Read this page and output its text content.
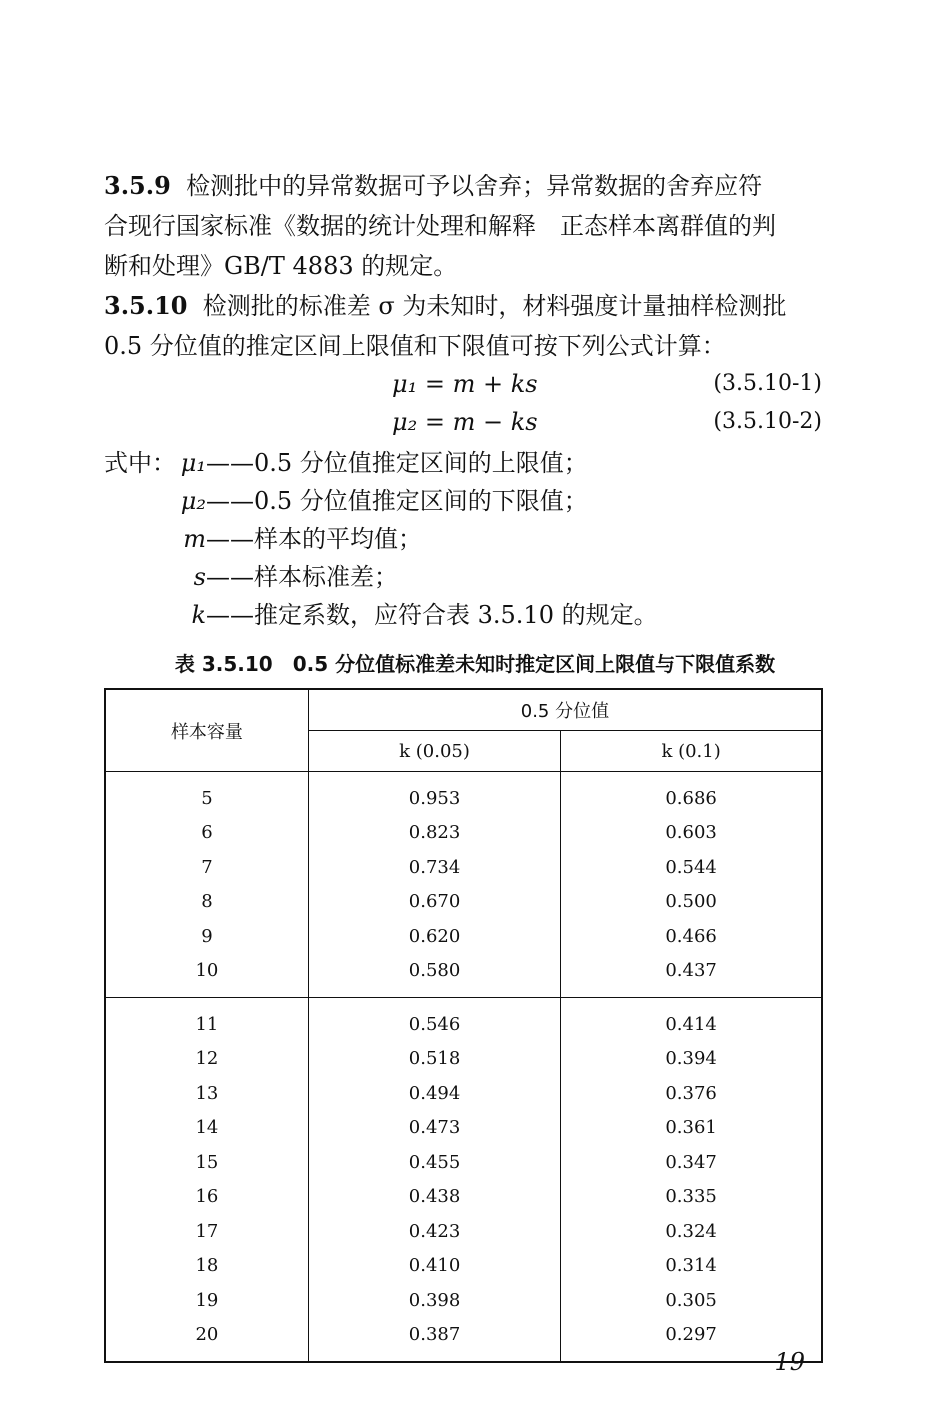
3.5.9 检测批中的异常数据可予以舍弃；异常数据的舍弃应符
合现行国家标准《数据的统计处理和解释　正态样本离群值的判
断和处理》GB/T 4883 的规定。
3.5.10 检测批的标准差 σ 为未知时，材料强度计量抽样检测批
0.5 分位值的推定区间上限值和下限值可按下列公式计算：
μ₁ = m + ks	(3.5.10-1)
μ₂ = m − ks	(3.5.10-2)
式中： μ₁——0.5 分位值推定区间的上限值；
μ₂——0.5 分位值推定区间的下限值；
m——样本的平均值；
s——样本标准差；
k——推定系数，应符合表 3.5.10 的规定。
表 3.5.10　0.5 分位值标准差未知时推定区间上限值与下限值系数
样本容量	0.5 分位值	
	k (0.05)	k (0.1)
5	0.953	0.686
6	0.823	0.603
7	0.734	0.544
8	0.670	0.500
9	0.620	0.466
10	0.580	0.437
11	0.546	0.414
12	0.518	0.394
13	0.494	0.376
14	0.473	0.361
15	0.455	0.347
16	0.438	0.335
17	0.423	0.324
18	0.410	0.314
19	0.398	0.305
20	0.387	0.297
19
